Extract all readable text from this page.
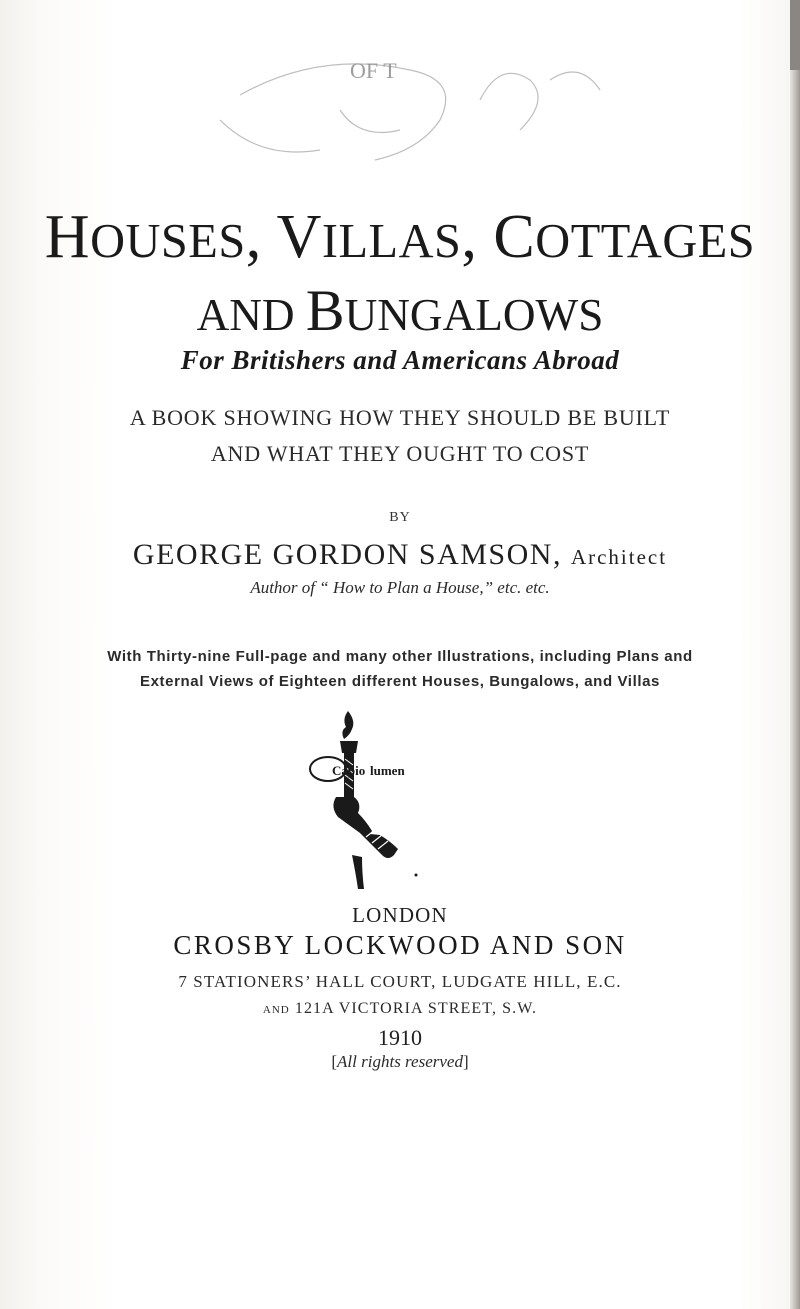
OF T
HOUSES, VILLAS, COTTAGES
AND BUNGALOWS
For Britishers and Americans Abroad
A BOOK SHOWING HOW THEY SHOULD BE BUILT
AND WHAT THEY OUGHT TO COST
BY
GEORGE GORDON SAMSON, Architect
Author of “ How to Plan a House,” etc. etc.
With Thirty-nine Full-page and many other Illustrations, including Plans and
External Views of Eighteen different Houses, Bungalows, and Villas
Capio lumen
LONDON
CROSBY LOCKWOOD AND SON
7 STATIONERS’ HALL COURT, LUDGATE HILL, E.C.
AND 121A VICTORIA STREET, S.W.
1910
[All rights reserved]
